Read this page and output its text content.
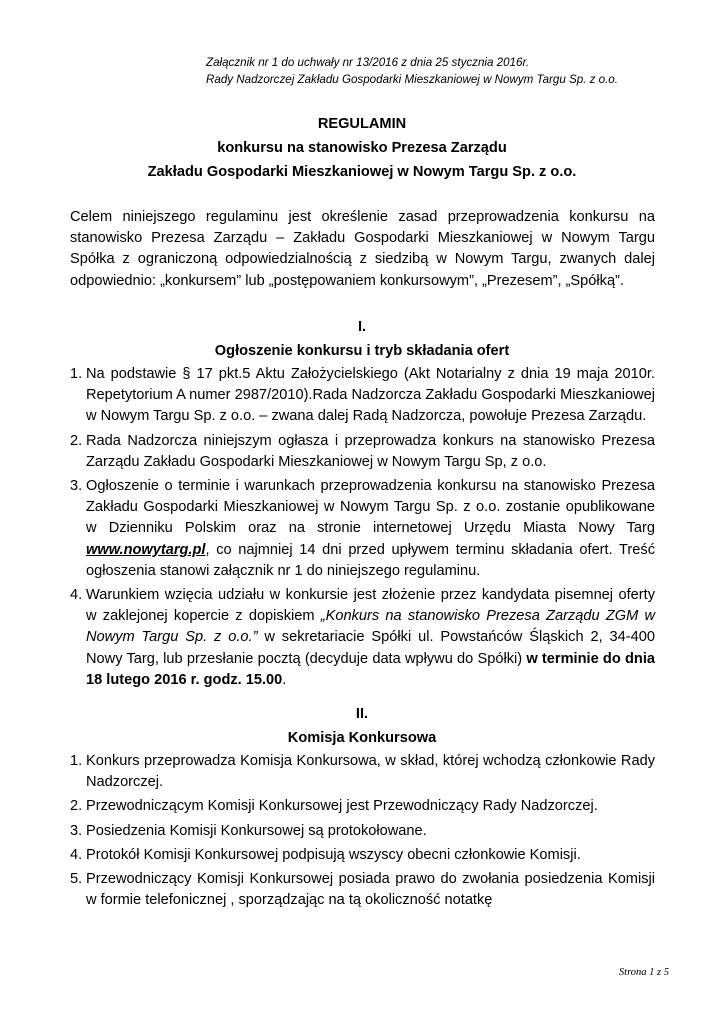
Załącznik nr 1 do uchwały nr 13/2016 z dnia 25 stycznia 2016r.
Rady Nadzorczej Zakładu Gospodarki Mieszkaniowej w Nowym Targu Sp. z o.o.
REGULAMIN
konkursu na stanowisko Prezesa Zarządu
Zakładu Gospodarki Mieszkaniowej w Nowym Targu Sp. z o.o.
Celem niniejszego regulaminu jest określenie zasad przeprowadzenia konkursu na stanowisko Prezesa Zarządu – Zakładu Gospodarki Mieszkaniowej w Nowym Targu Spółka z ograniczoną odpowiedzialnością z siedzibą w Nowym Targu, zwanych dalej odpowiednio: „konkursem” lub „postępowaniem konkursowym”, „Prezesem”, „Spółką”.
I.
Ogłoszenie konkursu i tryb składania ofert
1. Na podstawie § 17 pkt.5 Aktu Założycielskiego (Akt Notarialny z dnia 19 maja 2010r. Repetytorium A numer 2987/2010).Rada Nadzorcza Zakładu Gospodarki Mieszkaniowej w Nowym Targu Sp. z o.o. – zwana dalej Radą Nadzorcza, powołuje Prezesa Zarządu.
2. Rada Nadzorcza niniejszym ogłasza i przeprowadza konkurs na stanowisko Prezesa Zarządu Zakładu Gospodarki Mieszkaniowej w Nowym Targu Sp, z o.o.
3. Ogłoszenie o terminie i warunkach przeprowadzenia konkursu na stanowisko Prezesa Zakładu Gospodarki Mieszkaniowej w Nowym Targu Sp. z o.o. zostanie opublikowane w Dzienniku Polskim oraz na stronie internetowej Urzędu Miasta Nowy Targ www.nowytarg.pl, co najmniej 14 dni przed upływem terminu składania ofert. Treść ogłoszenia stanowi załącznik nr 1 do niniejszego regulaminu.
4. Warunkiem wzięcia udziału w konkursie jest złożenie przez kandydata pisemnej oferty w zaklejonej kopercie z dopiskiem „Konkurs na stanowisko Prezesa Zarządu ZGM w Nowym Targu Sp. z o.o.” w sekretariacie Spółki ul. Powstańców Śląskich 2, 34-400 Nowy Targ, lub przesłanie pocztą (decyduje data wpływu do Spółki) w terminie do dnia 18 lutego 2016 r. godz. 15.00.
II.
Komisja Konkursowa
1. Konkurs przeprowadza Komisja Konkursowa, w skład, której wchodzą członkowie Rady Nadzorczej.
2. Przewodniczącym Komisji Konkursowej jest Przewodniczący Rady Nadzorczej.
3. Posiedzenia Komisji Konkursowej są protokołowane.
4. Protokół Komisji Konkursowej podpisują wszyscy obecni członkowie Komisji.
5. Przewodniczący Komisji Konkursowej posiada prawo do zwołania posiedzenia Komisji w formie telefonicznej , sporządzając na tą okoliczność notatkę
Strona 1 z 5
